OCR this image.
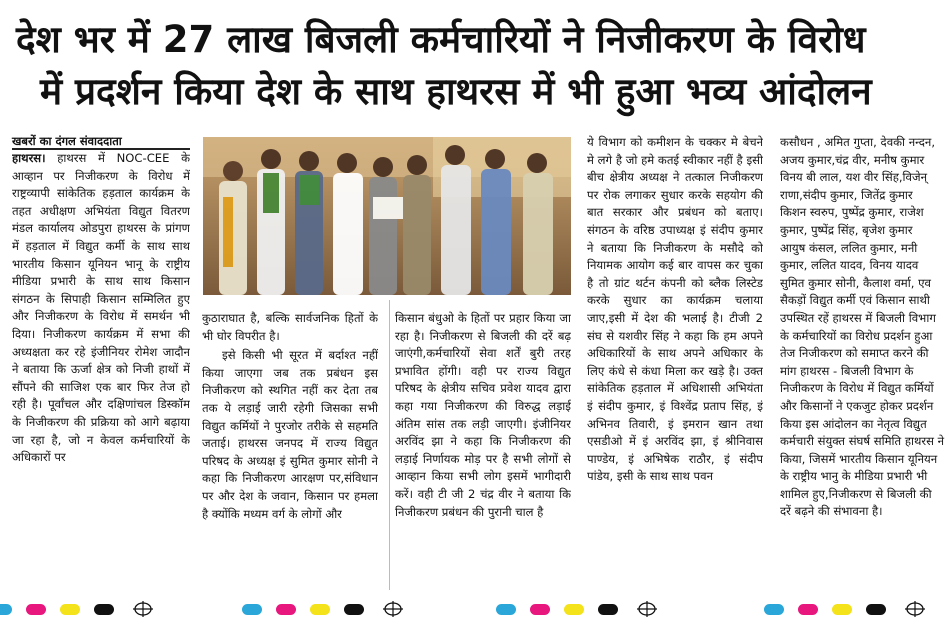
देश भर में 27 लाख बिजली कर्मचारियों ने निजीकरण के विरोध
में प्रदर्शन किया देश के साथ हाथरस में भी हुआ भव्य आंदोलन
खबरों का दंगल संवाददाता

हाथरस। हाथरस में NOC-CEE के आव्हान पर निजीकरण के विरोध में राष्ट्रव्यापी सांकेतिक हड़ताल कार्यक्रम के तहत अधीक्षण अभियंता विद्युत वितरण मंडल कार्यालय ओडपुरा हाथरस के प्रांगण में हड़ताल में विद्युत कर्मी के साथ साथ भारतीय किसान यूनियन भानू के राष्ट्रीय मीडिया प्रभारी के साथ साथ किसान संगठन के सिपाही किसान सम्मिलित हुए और निजीकरण के विरोध में समर्थन भी दिया। निजीकरण कार्यक्रम में सभा की अध्यक्षता कर रहे इंजीनियर रोमेश जादौन ने बताया कि ऊर्जा क्षेत्र को निजी हाथों में सौंपने की साजिश एक बार फिर तेज हो रही है। पूर्वांचल और दक्षिणांचल डिस्कॉम के निजीकरण की प्रक्रिया को आगे बढ़ाया जा रहा है, जो न केवल कर्मचारियों के अधिकारों पर

कुठाराघात है, बल्कि सार्वजनिक हितों के भी घोर विपरीत है।

इसे किसी भी सूरत में बर्दाश्त नहीं किया जाएगा जब तक प्रबंधन इस निजीकरण को स्थगित नहीं कर देता तब तक ये लड़ाई जारी रहेगी जिसका सभी विद्युत कर्मियों ने पुरजोर तरीके से सहमति जताई। हाथरस जनपद में राज्य विद्युत परिषद के अध्यक्ष इं सुमित कुमार सोनी ने कहा कि निजीकरण आरक्षण पर,संविधान पर और देश के जवान, किसान पर हमला है क्योंकि मध्यम वर्ग के लोगों और

किसान बंधुओ के हितों पर प्रहार किया जा रहा है। निजीकरण से बिजली की दरें बढ़ जाएंगी,कर्मचारियों सेवा शर्तें बुरी तरह प्रभावित होंगी। वही पर राज्य विद्युत परिषद के क्षेत्रीय सचिव प्रवेश यादव द्वारा कहा गया निजीकरण की विरुद्ध लड़ाई अंतिम सांस तक लड़ी जाएगी। इंजीनियर अरविंद झा ने कहा कि निजीकरण की लड़ाई निर्णायक मोड़ पर है सभी लोगों से आव्हान किया सभी लोग इसमें भागीदारी करें। वही टी जी 2 चंद्र वीर ने बताया कि निजीकरण प्रबंधन की पुरानी चाल है

ये विभाग को कमीशन के चक्कर मे बेचने मे लगे है जो हमे कतई स्वीकार नहीं है इसी बीच क्षेत्रीय अध्यक्ष ने तत्काल निजीकरण पर रोक लगाकर सुधार करके सहयोग की बात सरकार और प्रबंधन को बताए। संगठन के वरिष्ठ उपाध्यक्ष इं संदीप कुमार ने बताया कि निजीकरण के मसौदे को नियामक आयोग कई बार वापस कर चुका है तो ग्रांट थर्टन कंपनी को ब्लैक लिस्टेड करके सुधार का कार्यक्रम चलाया जाए,इसी में देश की भलाई है। टीजी 2 संघ से यशवीर सिंह ने कहा कि हम अपने अधिकारियों के साथ अपने अधिकार के लिए कंधे से कंधा मिला कर खड़े है। उक्त सांकेतिक हड़ताल में अधिशासी अभियंता इं संदीप कुमार, इं विश्वेंद्र प्रताप सिंह, इं अभिनव तिवारी, इं इमरान खान तथा एसडीओ में इं अरविंद झा, इं श्रीनिवास पाण्डेय, इं अभिषेक राठौर, इं संदीप पांडेय, इसी के साथ साथ पवन

कसौधन , अमित गुप्ता, देवकी नन्दन,
अजय कुमार,चंद्र वीर, मनीष कुमार
विनय बी लाल, यश वीर सिंह,विजेन्
राणा,संदीप कुमार, जितेंद्र कुमार
किशन स्वरुप, पुष्पेंद्र कुमार, राजेश
कुमार, पुष्पेंद्र सिंह, बृजेश कुमार
आयुष कंसल, ललित कुमार, मनी
कुमार, ललित यादव, विनय यादव
सुमित कुमार सोनी, कैलाश वर्मा, एव
सैकड़ों विद्युत कर्मी एवं किसान साथी
उपस्थित रहें हाथरस में बिजली विभाग
के कर्मचारियों का विरोध प्रदर्शन हुआ
तेज निजीकरण को समाप्त करने की
मांग हाथरस - बिजली विभाग के
निजीकरण के विरोध में विद्युत कर्मियों
और किसानों ने एकजुट होकर प्रदर्शन
किया इस आंदोलन का नेतृत्व विद्युत
कर्मचारी संयुक्त संघर्ष समिति हाथरस ने
किया, जिसमें भारतीय किसान यूनियन
के राष्ट्रीय भानु के मीडिया प्रभारी भी
शामिल हुए,निजीकरण से बिजली की
दरें बढ़ने की संभावना है।
